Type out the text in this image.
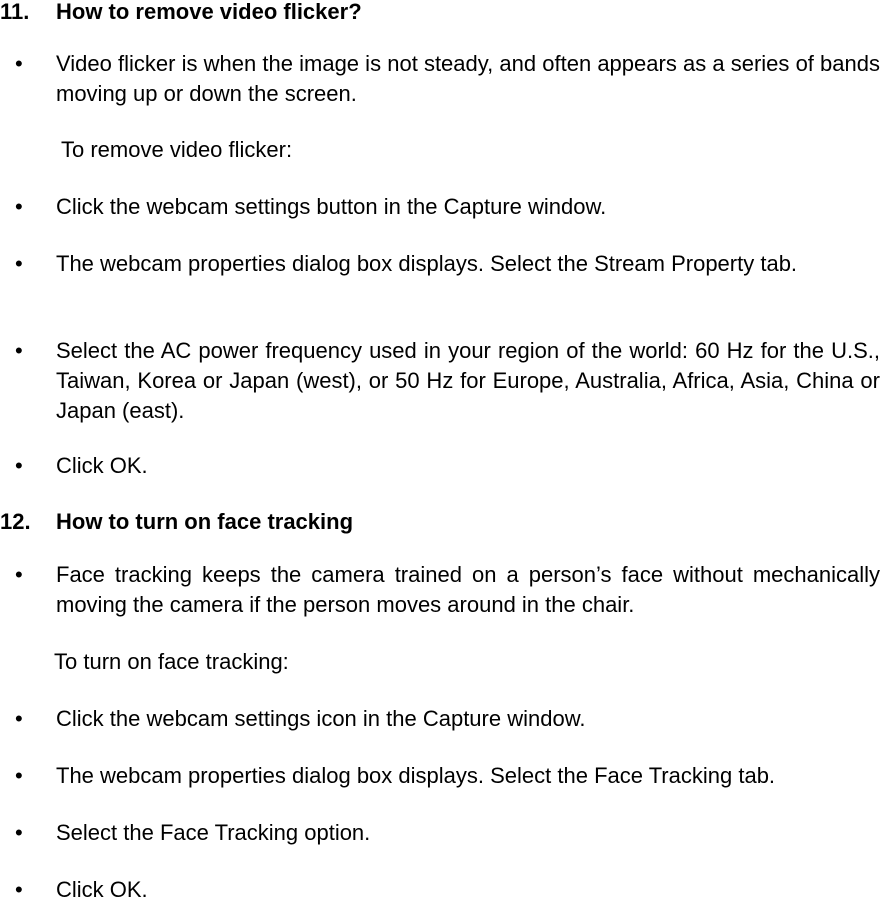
11. How to remove video flicker?
• Video flicker is when the image is not steady, and often appears as a series of bands moving up or down the screen.
To remove video flicker:
• Click the webcam settings button in the Capture window.
• The webcam properties dialog box displays. Select the Stream Property tab.
• Select the AC power frequency used in your region of the world: 60 Hz for the U.S., Taiwan, Korea or Japan (west), or 50 Hz for Europe, Australia, Africa, Asia, China or Japan (east).
• Click OK.
12. How to turn on face tracking
• Face tracking keeps the camera trained on a person’s face without mechanically moving the camera if the person moves around in the chair.
To turn on face tracking:
• Click the webcam settings icon in the Capture window.
• The webcam properties dialog box displays. Select the Face Tracking tab.
• Select the Face Tracking option.
• Click OK.
